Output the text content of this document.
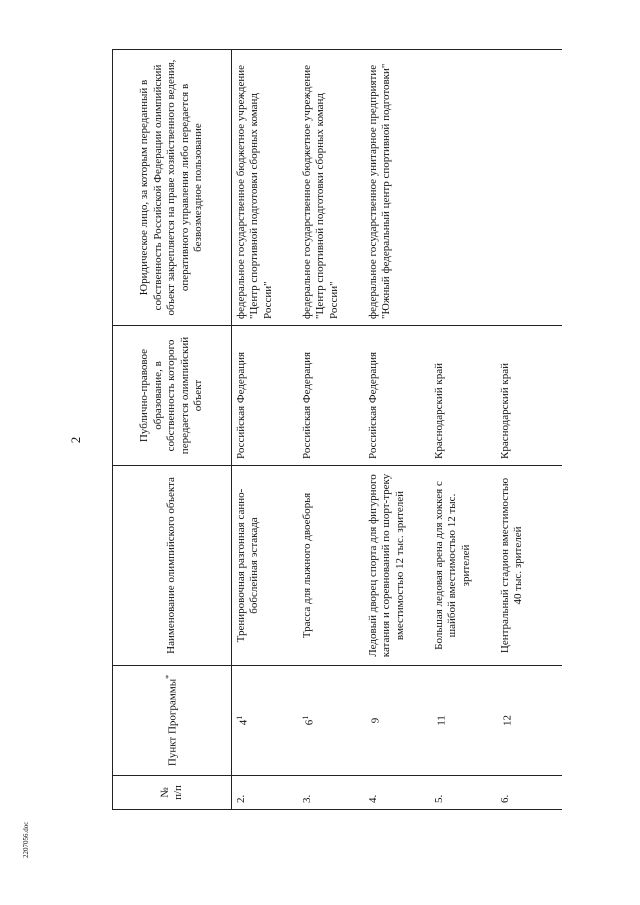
2
№ п/п	Пункт Программы*	Наименование олимпийского объекта	Публично-правовое образование, в собственность которого передается олимпийский объект	Юридическое лицо, за которым переданный в собственность Российской Федерации олимпийский объект закрепляется на праве хозяйственного ведения, оперативного управления либо передается в безвозмездное пользование
2.	$4^1$	Тренировочная разгонная санно-бобслейная эстакада	Российская Федерация	федеральное государственное бюджетное учреждение "Центр спортивной подготовки сборных команд России"
3.	$6^1$	Трасса для лыжного двоеборья	Российская Федерация	федеральное государственное бюджетное учреждение "Центр спортивной подготовки сборных команд России"
4.	9	Ледовый дворец спорта для фигурного катания и соревнований по шорт-треку вместимостью 12 тыс. зрителей	Российская Федерация	федеральное государственное унитарное предприятие "Южный федеральный центр спортивной подготовки"
5.	11	Большая ледовая арена для хоккея с шайбой вместимостью 12 тыс. зрителей	Краснодарский край	
6.	12	Центральный стадион вместимостью 40 тыс. зрителей	Краснодарский край	
2207056.doc
